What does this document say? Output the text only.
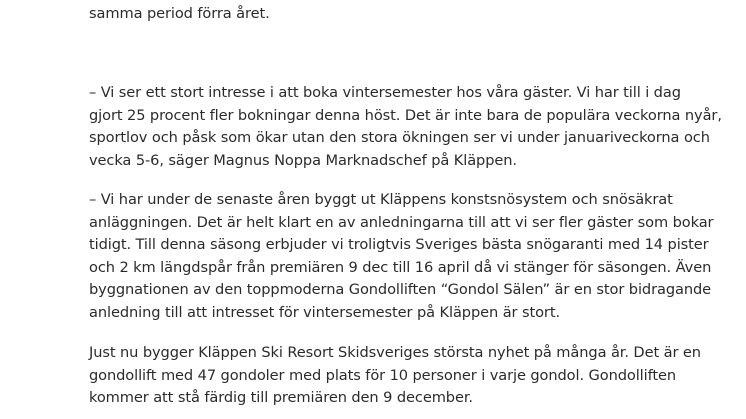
samma period förra året.

– Vi ser ett stort intresse i att boka vintersemester hos våra gäster. Vi har till i dag
gjort 25 procent fler bokningar denna höst. Det är inte bara de populära veckorna nyår,
sportlov och påsk som ökar utan den stora ökningen ser vi under januariveckorna och
vecka 5-6, säger Magnus Noppa Marknadschef på Kläppen.

– Vi har under de senaste åren byggt ut Kläppens konstsnösystem och snösäkrat
anläggningen. Det är helt klart en av anledningarna till att vi ser fler gäster som bokar
tidigt. Till denna säsong erbjuder vi troligtvis Sveriges bästa snögaranti med 14 pister
och 2 km längdspår från premiären 9 dec till 16 april då vi stänger för säsongen. Även
byggnationen av den toppmoderna Gondolliften “Gondol Sälen” är en stor bidragande
anledning till att intresset för vintersemester på Kläppen är stort.

Just nu bygger Kläppen Ski Resort Skidsveriges största nyhet på många år. Det är en
gondollift med 47 gondoler med plats för 10 personer i varje gondol. Gondolliften
kommer att stå färdig till premiären den 9 december.
